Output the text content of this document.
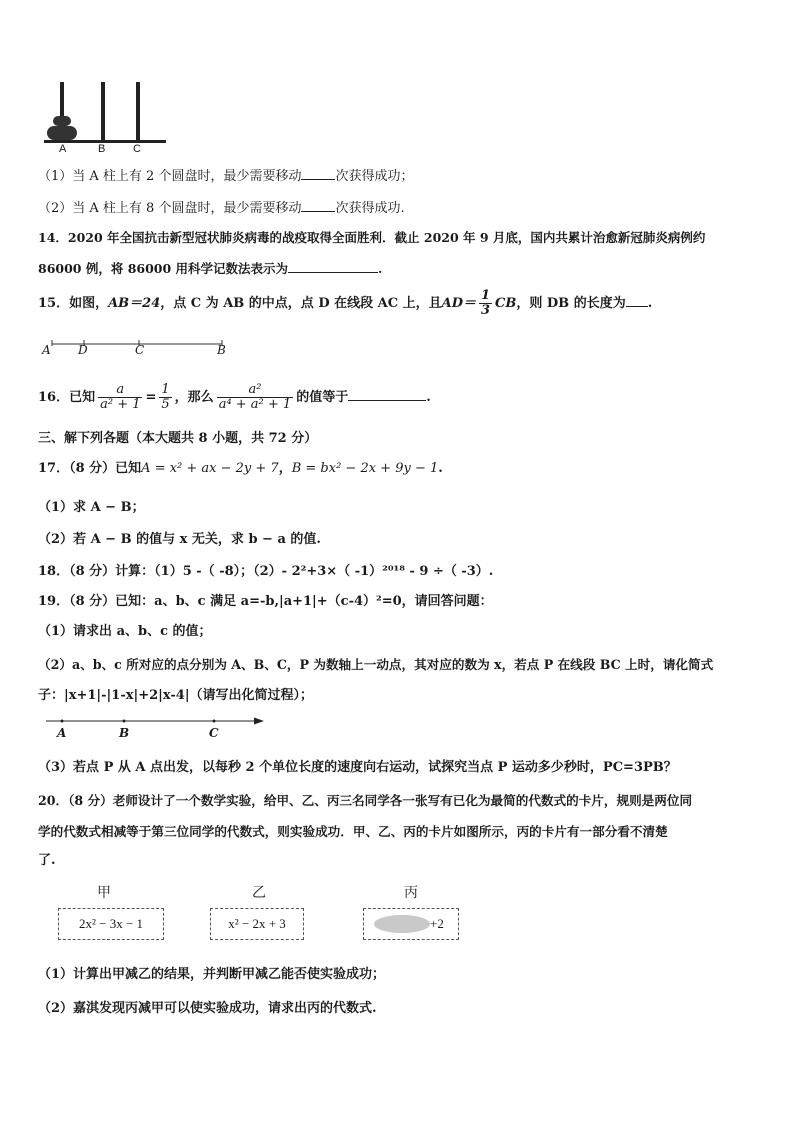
A	B	C
（1）当 A 柱上有 2 个圆盘时，最少需要移动	次获得成功；
（2）当 A 柱上有 8 个圆盘时，最少需要移动	次获得成功.
14．2020 年全国抗击新型冠状肺炎病毒的战疫取得全面胜利．截止 2020 年 9 月底，国内共累计治愈新冠肺炎病例约
86000 例，将 86000 用科学记数法表示为	.
15．如图，AB＝24，点 C 为 AB 的中点，点 D 在线段 AC 上，且$AD= \frac{1}{3}$ CB，则 DB 的长度为 .
A D	C	B
16．已知 $\frac{a}{\text{a² + 1}} = \frac{1}{5}$ ，那么 $\frac{\text{a²}}{\text{a⁴ + a² + 1}}$ 的值等于	.
三、解下列各题（本大题共 8 小题，共 72 分）
17．（8 分）已知A = x² + ax − 2y + 7，B = bx² − 2x + 9y − 1.
（1）求 A − B；
（2）若 A − B 的值与 x 无关，求 b − a 的值.
18．（8 分）计算：（1）5 -（ -8）；（2）- 2²+3×（ -1）²⁰¹⁸ - 9 ÷（ -3）.
19．（8 分）已知：a、b、c 满足 a=-b,|a+1|+（c-4）²=0，请回答问题：
（1）请求出 a、b、c 的值；
（2）a、b、c 所对应的点分别为 A、B、C，P 为数轴上一动点，其对应的数为 x，若点 P 在线段 BC 上时，请化简式
子：|x+1|-|1-x|+2|x-4|（请写出化简过程）；
A	B	C
（3）若点 P 从 A 点出发，以每秒 2 个单位长度的速度向右运动，试探究当点 P 运动多少秒时，PC=3PB？
20．（8 分）老师设计了一个数学实验，给甲、乙、丙三名同学各一张写有已化为最简的代数式的卡片，规则是两位同
学的代数式相减等于第三位同学的代数式，则实验成功．甲、乙、丙的卡片如图所示，丙的卡片有一部分看不清楚
了.
甲	乙	丙
2x² − 3x − 1	x² − 2x + 3	+2
（1）计算出甲减乙的结果，并判断甲减乙能否使实验成功；
（2）嘉淇发现丙减甲可以使实验成功，请求出丙的代数式.
